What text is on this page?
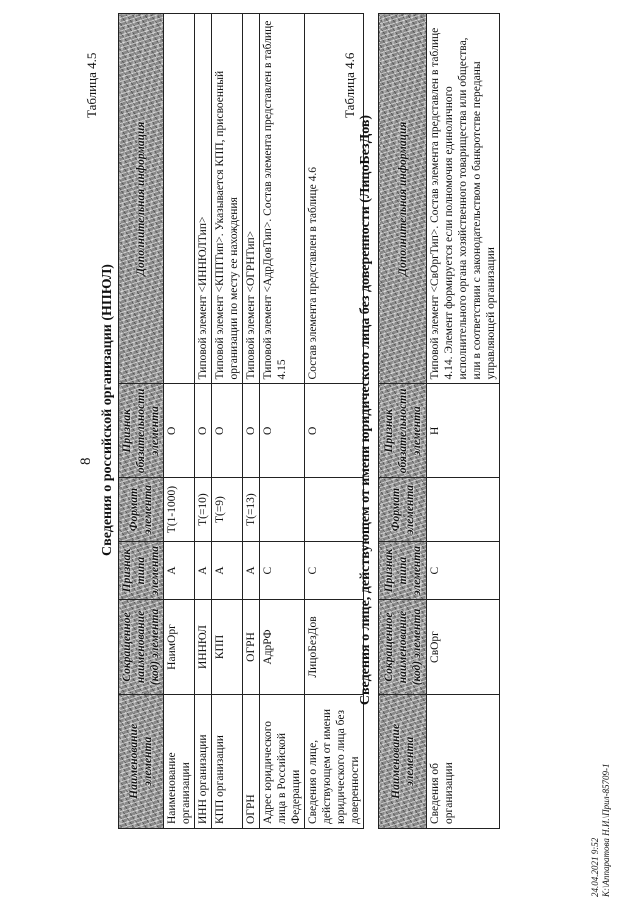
8
Таблица 4.5
Сведения о российской организации (НПЮЛ)
Наименование элемента	Сокращенное наименование (код) элемента	Признак типа элемента	Формат элемента	Признак обязательности элемента	Дополнительная информация
Наименование организации	НаимОрг	А	T(1-1000)	О	
ИНН организации	ИННЮЛ	А	T(=10)	О	Типовой элемент <ИННЮЛТип>
КПП организации	КПП	А	T(=9)	О	Типовой элемент <КППТип>. Указывается КПП, присвоенный организации по месту ее нахождения
ОГРН	ОГРН	А	T(=13)	О	Типовой элемент <ОГРНТип>
Адрес юридического лица в Российской Федерации	АдрРФ	С		О	Типовой элемент <АдрДовТип>. Состав элемента представлен в таблице 4.15
Сведения о лице, действующем от имени юридического лица без доверенности	ЛицоБезДов	С		О	Состав элемента представлен в таблице 4.6
Таблица 4.6
Сведения о лице, действующем от имени юридического лица без доверенности (ЛицоБезДов)
Наименование элемента	Сокращенное наименование (код) элемента	Признак типа элемента	Формат элемента	Признак обязательности элемента	Дополнительная информация
Сведения об организации	СвОрг	С		Н	Типовой элемент <СвОргТип>. Состав элемента представлен в таблице 4.14. Элемент формируется если полномочия единоличного исполнительного органа хозяйственного товарищества или общества, или в соответствии с законодательством о банкротстве переданы управляющей организации
24.04.2021 9:52 К:\Аппаратова Н.И.\Прил-85709-1
